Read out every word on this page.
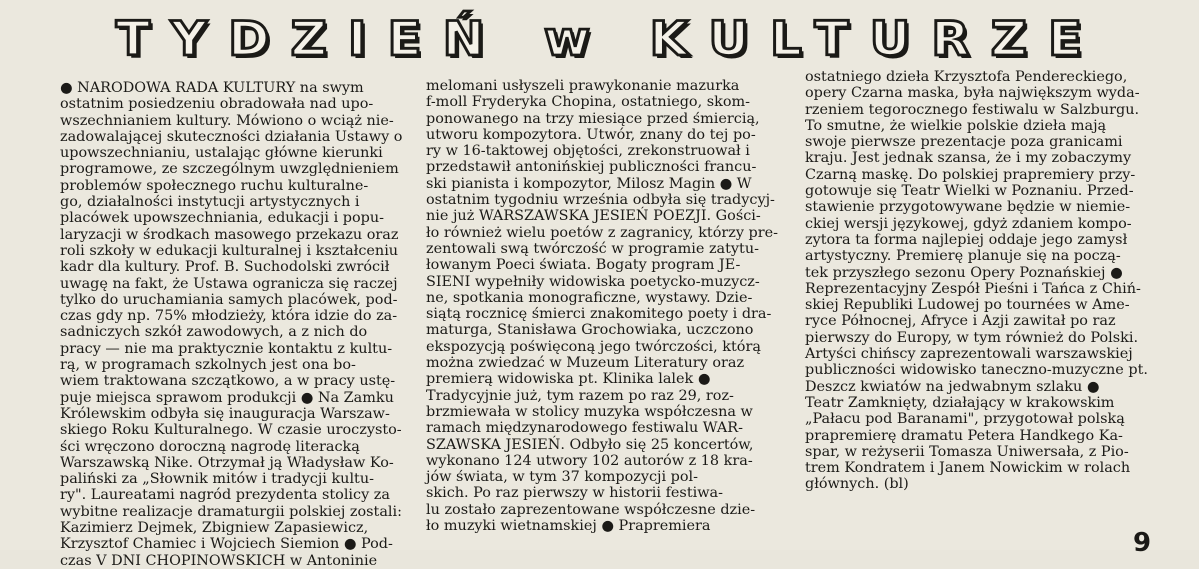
TYDZIEŃ w KULTURZE
● NARODOWA RADA KULTURY na swym
ostatnim posiedzeniu obradowała nad upo-
wszechnianiem kultury. Mówiono o wciąż nie-
zadowalającej skuteczności działania Ustawy o
upowszechnianiu, ustalając główne kierunki
programowe, ze szczególnym uwzględnieniem
problemów społecznego ruchu kulturalne-
go, działalności instytucji artystycznych i
placówek upowszechniania, edukacji i popu-
laryzacji w środkach masowego przekazu oraz
roli szkoły w edukacji kulturalnej i kształceniu
kadr dla kultury. Prof. B. Suchodolski zwrócił
uwagę na fakt, że Ustawa ogranicza się raczej
tylko do uruchamiania samych placówek, pod-
czas gdy np. 75% młodzieży, która idzie do za-
sadniczych szkół zawodowych, a z nich do
pracy — nie ma praktycznie kontaktu z kultu-
rą, w programach szkolnych jest ona bo-
wiem traktowana szczątkowo, a w pracy ustę-
puje miejsca sprawom produkcji ● Na Zamku
Królewskim odbyła się inauguracja Warszaw-
skiego Roku Kulturalnego. W czasie uroczysto-
ści wręczono doroczną nagrodę literacką
Warszawską Nike. Otrzymał ją Władysław Ko-
paliński za „Słownik mitów i tradycji kultu-
ry". Laureatami nagród prezydenta stolicy za
wybitne realizacje dramaturgii polskiej zostali:
Kazimierz Dejmek, Zbigniew Zapasiewicz,
Krzysztof Chamiec i Wojciech Siemion ● Pod-
czas V DNI CHOPINOWSKICH w Antoninie
melomani usłyszeli prawykonanie mazurka
f-moll Fryderyka Chopina, ostatniego, skom-
ponowanego na trzy miesiące przed śmiercią,
utworu kompozytora. Utwór, znany do tej po-
ry w 16-taktowej objętości, zrekonstruował i
przedstawił antonińskiej publiczności francu-
ski pianista i kompozytor, Milosz Magin ● W
ostatnim tygodniu września odbyła się tradycyj-
nie już WARSZAWSKA JESIEŃ POEZJI. Gości-
ło również wielu poetów z zagranicy, którzy pre-
zentowali swą twórczość w programie zatytu-
łowanym Poeci świata. Bogaty program JE-
SIENI wypełniły widowiska poetycko-muzycz-
ne, spotkania monograficzne, wystawy. Dzie-
siątą rocznicę śmierci znakomitego poety i dra-
maturga, Stanisława Grochowiaka, uczczono
ekspozycją poświęconą jego twórczości, którą
można zwiedzać w Muzeum Literatury oraz
premierą widowiska pt. Klinika lalek ●
Tradycyjnie już, tym razem po raz 29, roz-
brzmiewała w stolicy muzyka współczesna w
ramach międzynarodowego festiwalu WAR-
SZAWSKA JESIEŃ. Odbyło się 25 koncertów,
wykonano 124 utwory 102 autorów z 18 kra-
jów świata, w tym 37 kompozycji pol-
skich. Po raz pierwszy w historii festiwa-
lu zostało zaprezentowane współczesne dzie-
ło muzyki wietnamskiej ● Prapremiera
ostatniego dzieła Krzysztofa Pendereckiego,
opery Czarna maska, była największym wyda-
rzeniem tegorocznego festiwalu w Salzburgu.
To smutne, że wielkie polskie dzieła mają
swoje pierwsze prezentacje poza granicami
kraju. Jest jednak szansa, że i my zobaczymy
Czarną maskę. Do polskiej prapremiery przy-
gotowuje się Teatr Wielki w Poznaniu. Przed-
stawienie przygotowywane będzie w niemie-
ckiej wersji językowej, gdyż zdaniem kompo-
zytora ta forma najlepiej oddaje jego zamysł
artystyczny. Premierę planuje się na począ-
tek przyszłego sezonu Opery Poznańskiej ●
Reprezentacyjny Zespół Pieśni i Tańca z Chiń-
skiej Republiki Ludowej po tournées w Ame-
ryce Północnej, Afryce i Azji zawitał po raz
pierwszy do Europy, w tym również do Polski.
Artyści chińscy zaprezentowali warszawskiej
publiczności widowisko taneczno-muzyczne pt.
Deszcz kwiatów na jedwabnym szlaku ●
Teatr Zamknięty, działający w krakowskim
„Pałacu pod Baranami", przygotował polską
prapremierę dramatu Petera Handkego Ka-
spar, w reżyserii Tomasza Uniwersała, z Pio-
trem Kondratem i Janem Nowickim w rolach
głównych. (bl)
9
